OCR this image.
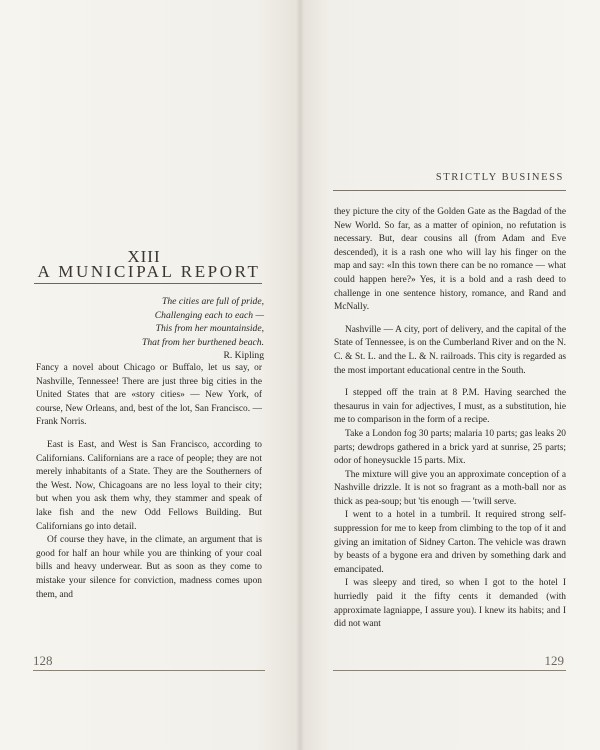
XIII
A MUNICIPAL REPORT
The cities are full of pride,
Challenging each to each —
This from her mountainside,
That from her burthened beach.
R. Kipling

Fancy a novel about Chicago or Buffalo, let us say, or Nashville, Tennessee! There are just three big cities in the United States that are «story cities» — New York, of course, New Orleans, and, best of the lot, San Francisco. — Frank Norris.

East is East, and West is San Francisco, according to Californians. Californians are a race of people; they are not merely inhabitants of a State. They are the Southerners of the West. Now, Chicagoans are no less loyal to their city; but when you ask them why, they stammer and speak of lake fish and the new Odd Fellows Building. But Californians go into detail.

Of course they have, in the climate, an argument that is good for half an hour while you are thinking of your coal bills and heavy underwear. But as soon as they come to mistake your silence for conviction, madness comes upon them, and

128
STRICTLY BUSINESS

they picture the city of the Golden Gate as the Bagdad of the New World. So far, as a matter of opinion, no refutation is necessary. But, dear cousins all (from Adam and Eve descended), it is a rash one who will lay his finger on the map and say: «In this town there can be no romance — what could happen here?» Yes, it is a bold and a rash deed to challenge in one sentence history, romance, and Rand and McNally.

Nashville — A city, port of delivery, and the capital of the State of Tennessee, is on the Cumberland River and on the N. C. & St. L. and the L. & N. railroads. This city is regarded as the most important educational centre in the South.

I stepped off the train at 8 P.M. Having searched the thesaurus in vain for adjectives, I must, as a substitution, hie me to comparison in the form of a recipe.

Take a London fog 30 parts; malaria 10 parts; gas leaks 20 parts; dewdrops gathered in a brick yard at sunrise, 25 parts; odor of honeysuckle 15 parts. Mix.

The mixture will give you an approximate conception of a Nashville drizzle. It is not so fragrant as a moth-ball nor as thick as pea-soup; but 'tis enough — 'twill serve.

I went to a hotel in a tumbril. It required strong self-suppression for me to keep from climbing to the top of it and giving an imitation of Sidney Carton. The vehicle was drawn by beasts of a bygone era and driven by something dark and emancipated.

I was sleepy and tired, so when I got to the hotel I hurriedly paid it the fifty cents it demanded (with approximate lagniappe, I assure you). I knew its habits; and I did not want

129
